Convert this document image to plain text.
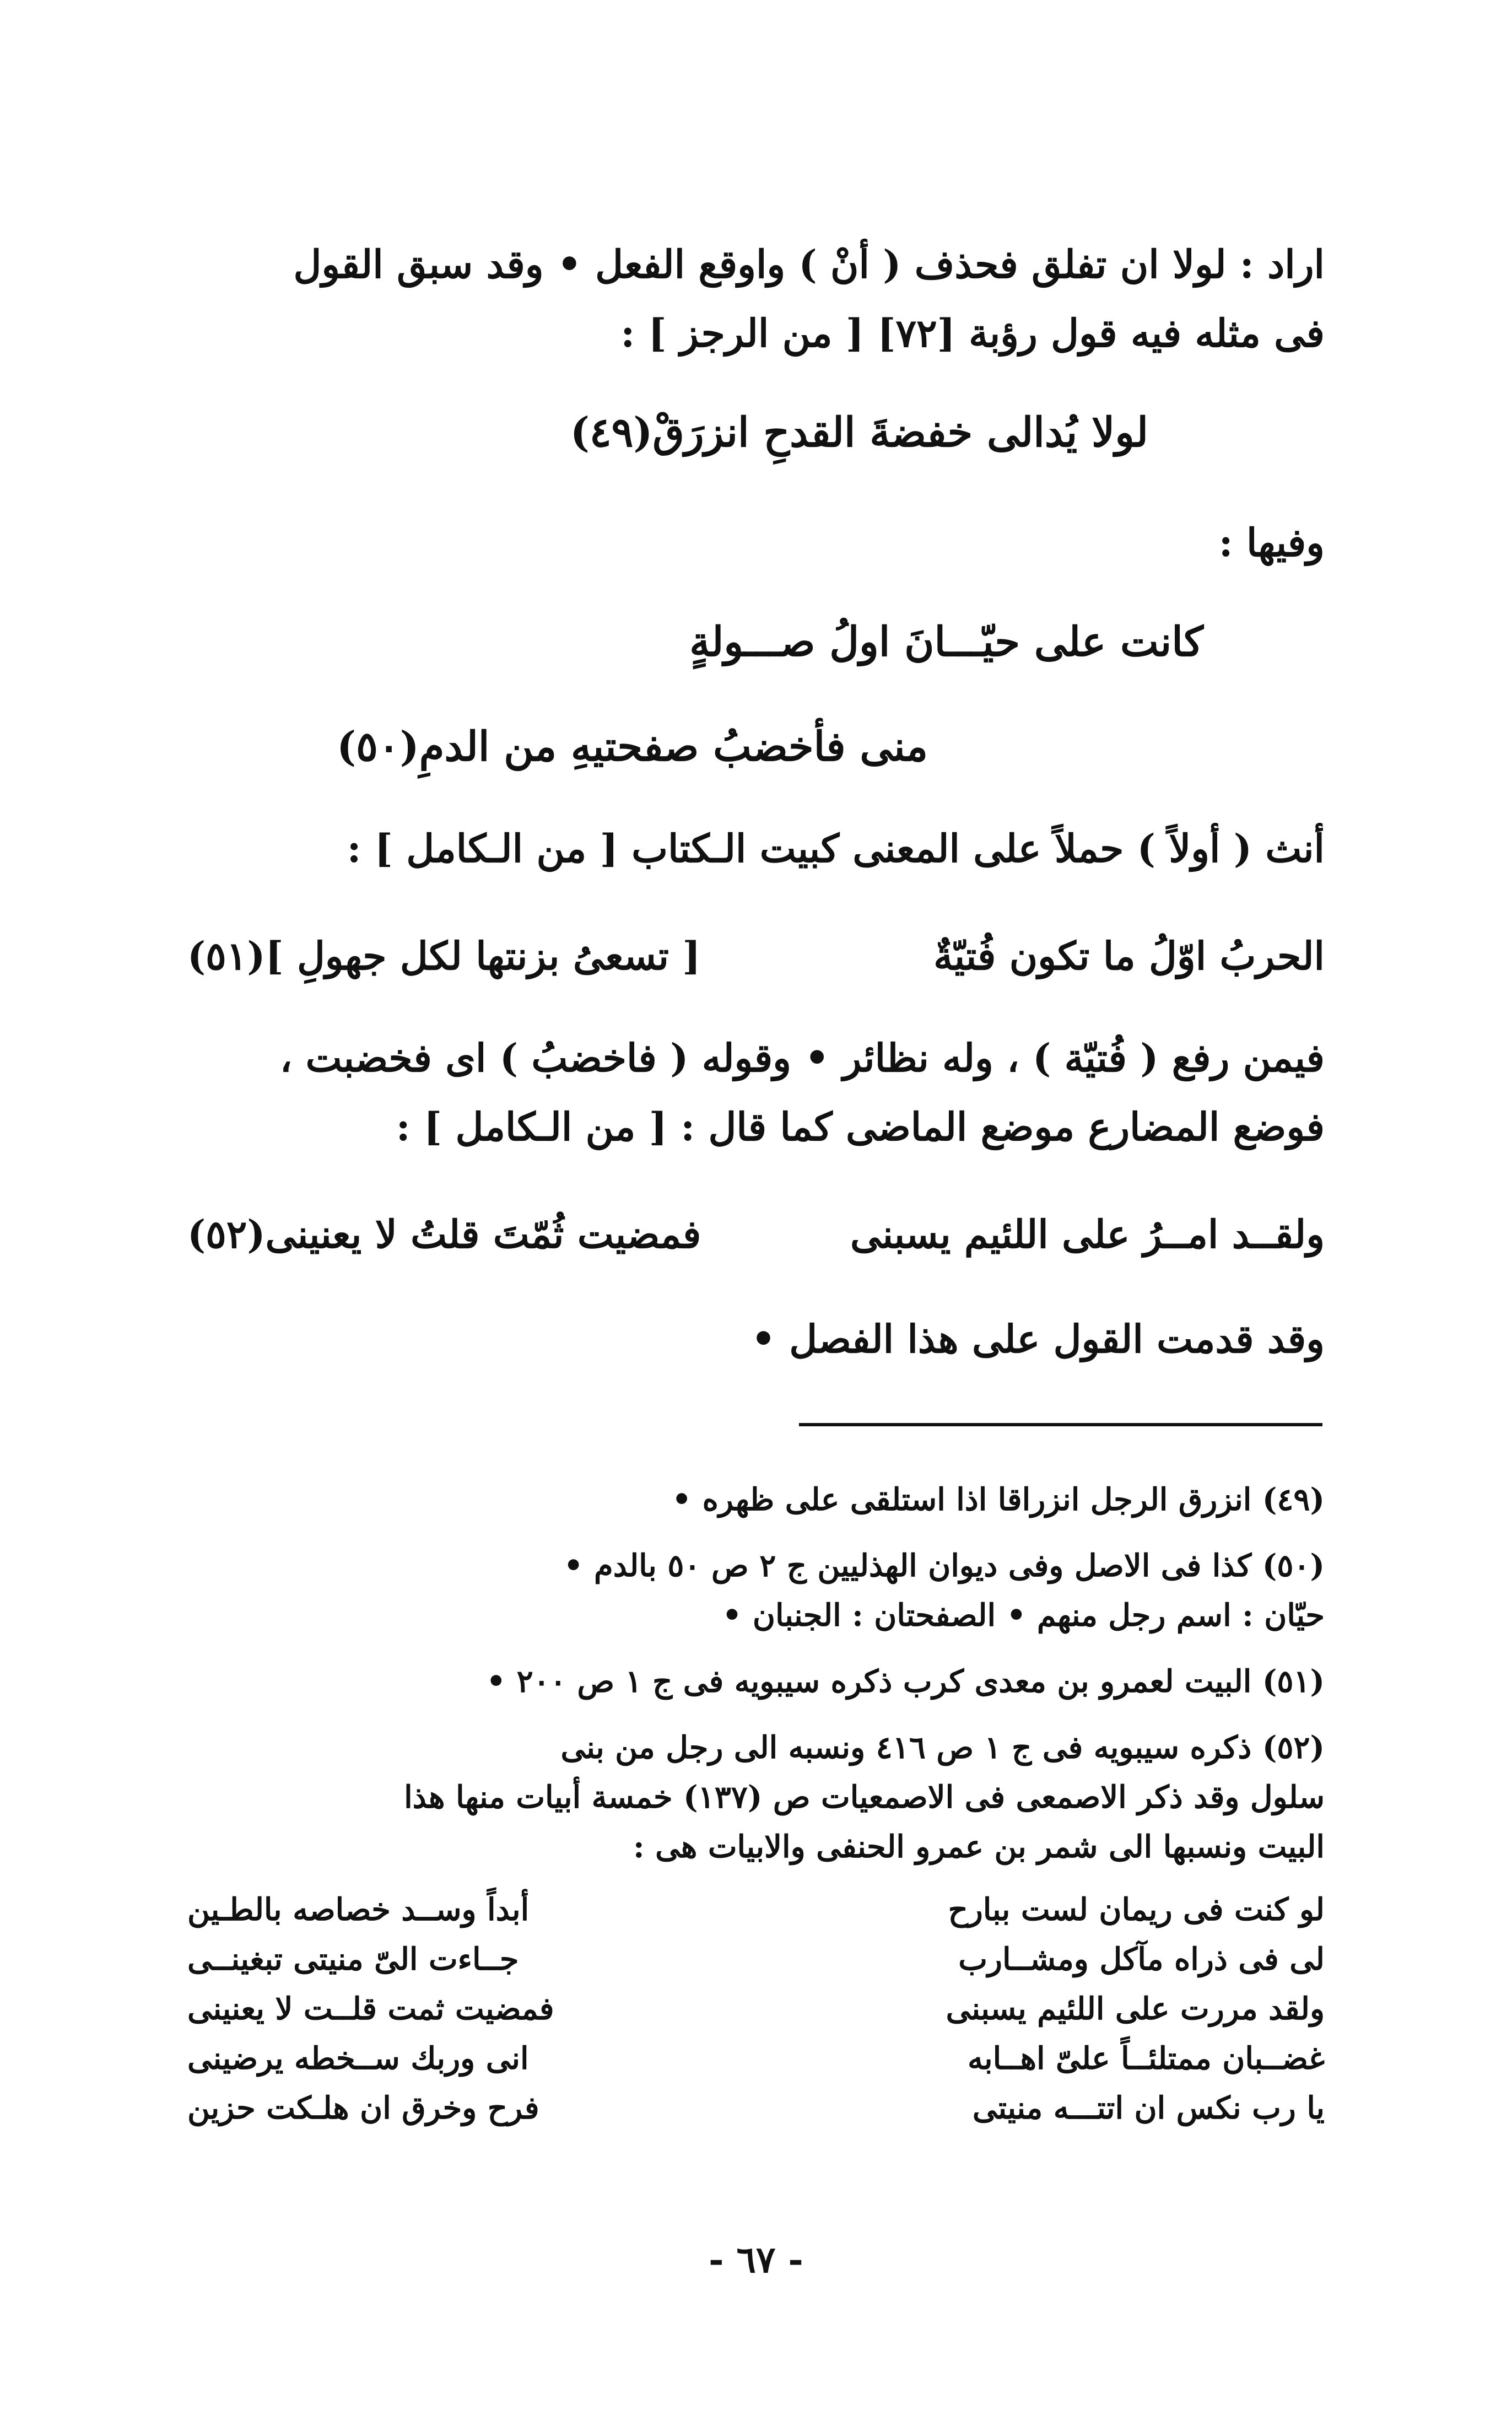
اراد : لولا ان تفلق فحذف ( أنْ ) واوقع الفعل • وقد سبق القول

فى مثله فيه قول رؤبة [٧٢] [ من الرجز ] :

لولا يُدالى خفضةَ القدحِ انزرَقْ(٤٩)

وفيها :

كانت على حيّـــانَ اولُ صـــولةٍ

منى فأخضبُ صفحتيهِ من الدمِ(٥٠)

أنث ( أولاً ) حملاً على المعنى كبيت الـكتاب [ من الـكامل ] :

الحربُ اوّلُ ما تكون فُتيّةٌ
[ تسعىُ بزنتها لكل جهولِ ](٥١)

فيمن رفع ( فُتيّة ) ، وله نظائر • وقوله ( فاخضبُ ) اى فخضبت ،

فوضع المضارع موضع الماضى كما قال : [ من الـكامل ] :

ولقــد امــرُ على اللئيم يسبنى
فمضيت ثُمّتَ قلتُ لا يعنينى(٥٢)

وقد قدمت القول على هذا الفصل •

(٤٩) انزرق الرجل انزراقا اذا استلقى على ظهره •

(٥٠) كذا فى الاصل وفى ديوان الهذليين ج ٢ ص ٥٠ بالدم •

حيّان : اسم رجل منهم • الصفحتان : الجنبان •

(٥١) البيت لعمرو بن معدى كرب ذكره سيبويه فى ج ١ ص ٢٠٠ •

(٥٢) ذكره سيبويه فى ج ١ ص ٤١٦ ونسبه الى رجل من بنى

سلول وقد ذكر الاصمعى فى الاصمعيات ص (١٣٧) خمسة أبيات منها هذا

البيت ونسبها الى شمر بن عمرو الحنفى والابيات هى :

لو كنت فى ريمان لست ببارح
أبداً وســد خصاصه بالطـين
لى فى ذراه مآكل ومشــارب
جــاءت الىّ منيتى تبغينــى
ولقد مررت على اللئيم يسبنى
فمضيت ثمت قلــت لا يعنينى
غضــبان ممتلئــاً علىّ اهــابه
انى وربك ســخطه يرضينى
يا رب نكس ان اتتـــه منيتى
فرح وخرق ان هلـكت حزين
- ٦٧ -
